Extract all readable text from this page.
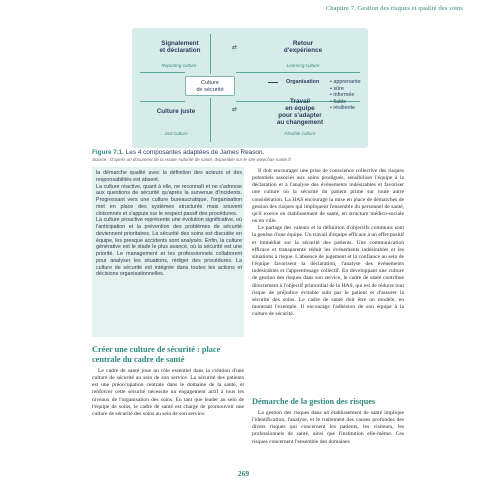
Chapitre 7. Gestion des risques et qualité des soins
Signalement
et déclaration
Reporting culture
Retour
d'expérience
Learning culture
⇄
⇄
Culture
de sécurité
Culture juste
Just culture
Travail
en équipe
pour s'adapter
au changement
Flexible culture
Organisation • apprenante
• sûre
• informée
• fiable
• résiliente
Figure 7.1. Les 4 composantes adaptées de James Reason.
Source : D'après un document de la Haute Autorité de santé, disponible sur le site www.has-sante.fr.

la démarche qualité avec la définition des acteurs et des responsabilités est absent.

La culture réactive, quant à elle, ne reconnaît et ne s'adresse aux questions de sécurité qu'après la survenue d'incidents. Progressant vers une culture bureaucratique, l'organisation met en place des systèmes structurés mais souvent cloisonnés et s'appuie sur le respect passif des procédures.

La culture proactive représente une évolution significative, où l'anticipation et la prévention des problèmes de sécurité deviennent prioritaires. La sécurité des soins est discutée en équipe, les presque accidents sont analysés. Enfin, la culture générative est le stade le plus avancé, où la sécurité est une priorité. Le management et les professionnels collaborent pour analyser les situations, rédiger des procédures. La culture de sécurité est intégrée dans toutes les actions et décisions organisationnelles.

Créer une culture de sécurité : place centrale du cadre de santé

Le cadre de santé joue un rôle essentiel dans la création d'une culture de sécurité au sein de son service. La sécurité des patients est une préoccupation centrale dans le domaine de la santé, et renforcer cette sécurité nécessite un engagement actif à tous les niveaux de l'organisation des soins. En tant que leader au sein de l'équipe de soins, le cadre de santé est chargé de promouvoir une culture de sécurité des soins au sein de son service.

Il doit encourager une prise de conscience collective des risques potentiels associés aux soins prodigués, sensibiliser l'équipe à la déclaration et à l'analyse des événements indésirables et favoriser une culture où la sécurité du patient prime sur toute autre considération. La HAS encourage la mise en place de démarches de gestion des risques qui impliquent l'ensemble du personnel de santé, qu'il exerce en établissement de santé, en structure médico-sociale ou en ville.

Le partage des valeurs et la définition d'objectifs communs sont la genèse d'une équipe. Un travail d'équipe efficace a un effet positif et immédiat sur la sécurité des patients. Une communication efficace et transparente réduit les événements indésirables et les situations à risque. L'absence de jugement et la confiance au sein de l'équipe favorisent la déclaration, l'analyse des événements indésirables et l'apprentissage collectif. En développant une culture de gestion des risques dans son service, le cadre de santé contribue directement à l'objectif primordial de la HAS, qui est de réduire tout risque de préjudice évitable subi par le patient et d'assurer la sécurité des soins. Le cadre de santé doit être un modèle, en montrant l'exemple. Il encourage l'adhésion de son équipe à la culture de sécurité.

Démarche de la gestion des risques

La gestion des risques dans un établissement de santé implique l'identification, l'analyse, et le traitement des causes profondes des divers risques qui concernent les patients, les visiteurs, les professionnels de santé, ainsi que l'institution elle-même. Ces risques concernent l'ensemble des domaines

269
